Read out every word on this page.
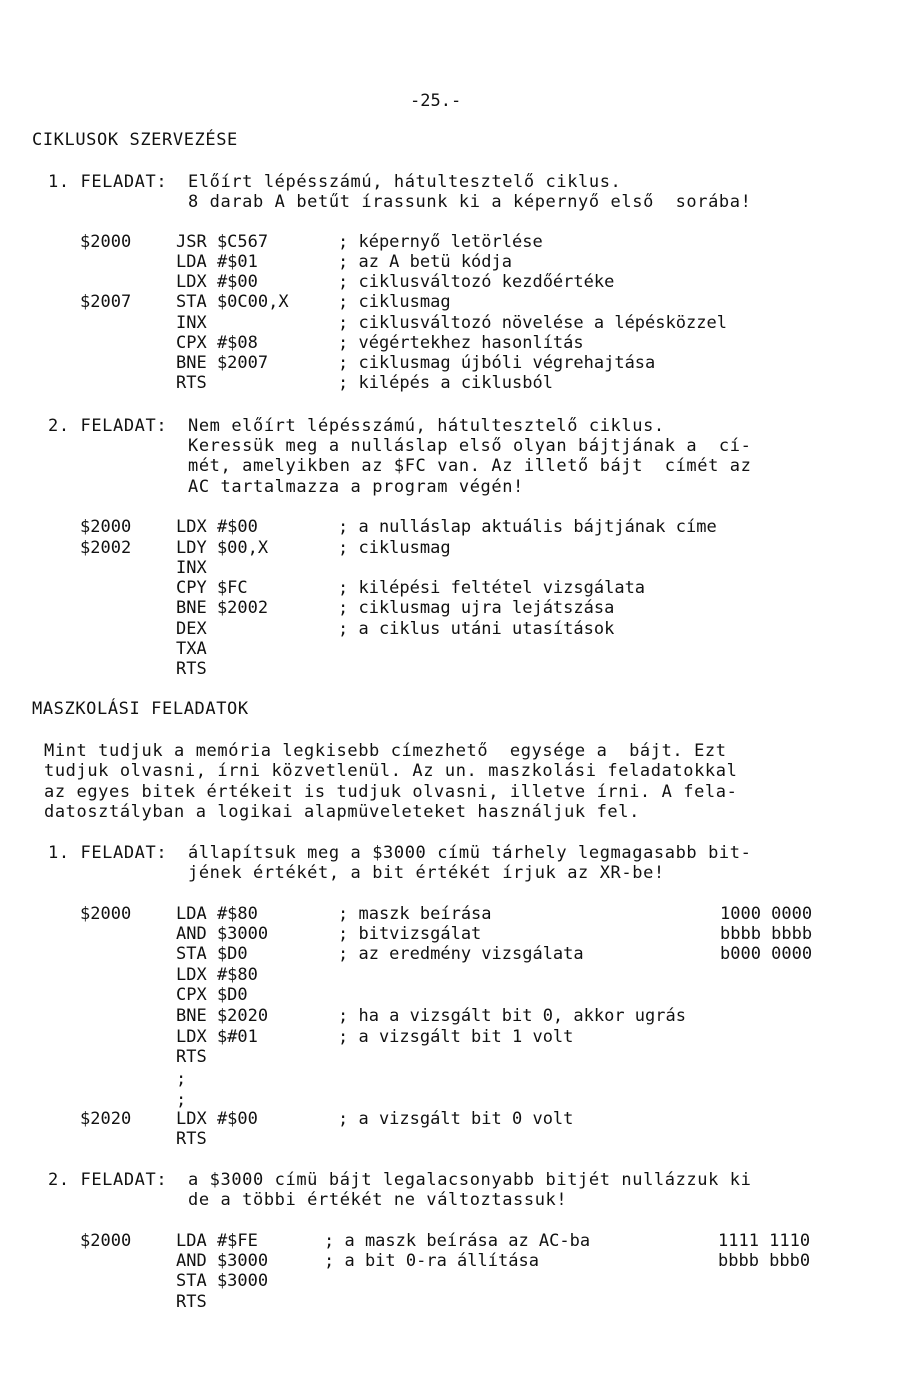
-25.-
CIKLUSOK SZERVEZÉSE
1. FELADAT: Előírt lépésszámú, hátultesztelő ciklus.
8 darab A betűt írassunk ki a képernyő első  sorába!
$2000	JSR $C567	; képernyő letörlése
LDA #$01	; az A betü kódja
LDX #$00	; ciklusváltozó kezdőértéke
$2007	STA $0C00,X	; ciklusmag
INX	; ciklusváltozó növelése a lépésközzel
CPX #$08	; végértekhez hasonlítás
BNE $2007	; ciklusmag újbóli végrehajtása
RTS	; kilépés a ciklusból
2. FELADAT: Nem előírt lépésszámú, hátultesztelő ciklus.
Keressük meg a nulláslap első olyan bájtjának a  cí-
mét, amelyikben az $FC van. Az illető bájt  címét az
AC tartalmazza a program végén!
$2000	LDX #$00	; a nulláslap aktuális bájtjának címe
$2002	LDY $00,X	; ciklusmag
INX
CPY $FC	; kilépési feltétel vizsgálata
BNE $2002	; ciklusmag ujra lejátszása
DEX	; a ciklus utáni utasítások
TXA
RTS
MASZKOLÁSI FELADATOK
Mint tudjuk a memória legkisebb címezhető  egysége a  bájt. Ezt
tudjuk olvasni, írni közvetlenül. Az un. maszkolási feladatokkal
az egyes bitek értékeit is tudjuk olvasni, illetve írni. A fela-
datosztályban a logikai alapmüveleteket használjuk fel.
1. FELADAT: állapítsuk meg a $3000 címü tárhely legmagasabb bit-
jének értékét, a bit értékét írjuk az XR-be!
$2000	LDA #$80	; maszk beírása	1000 0000
AND $3000	; bitvizsgálat	bbbb bbbb
STA $D0	; az eredmény vizsgálata	b000 0000
LDX #$80
CPX $D0
BNE $2020	; ha a vizsgált bit 0, akkor ugrás
LDX $#01	; a vizsgált bit 1 volt
RTS
;
;
$2020	LDX #$00	; a vizsgált bit 0 volt
RTS
2. FELADAT: a $3000 címü bájt legalacsonyabb bitjét nullázzuk ki
de a többi értékét ne változtassuk!
$2000	LDA #$FE	; a maszk beírása az AC-ba	1111 1110
AND $3000	; a bit 0-ra állítása	bbbb bbb0
STA $3000
RTS
